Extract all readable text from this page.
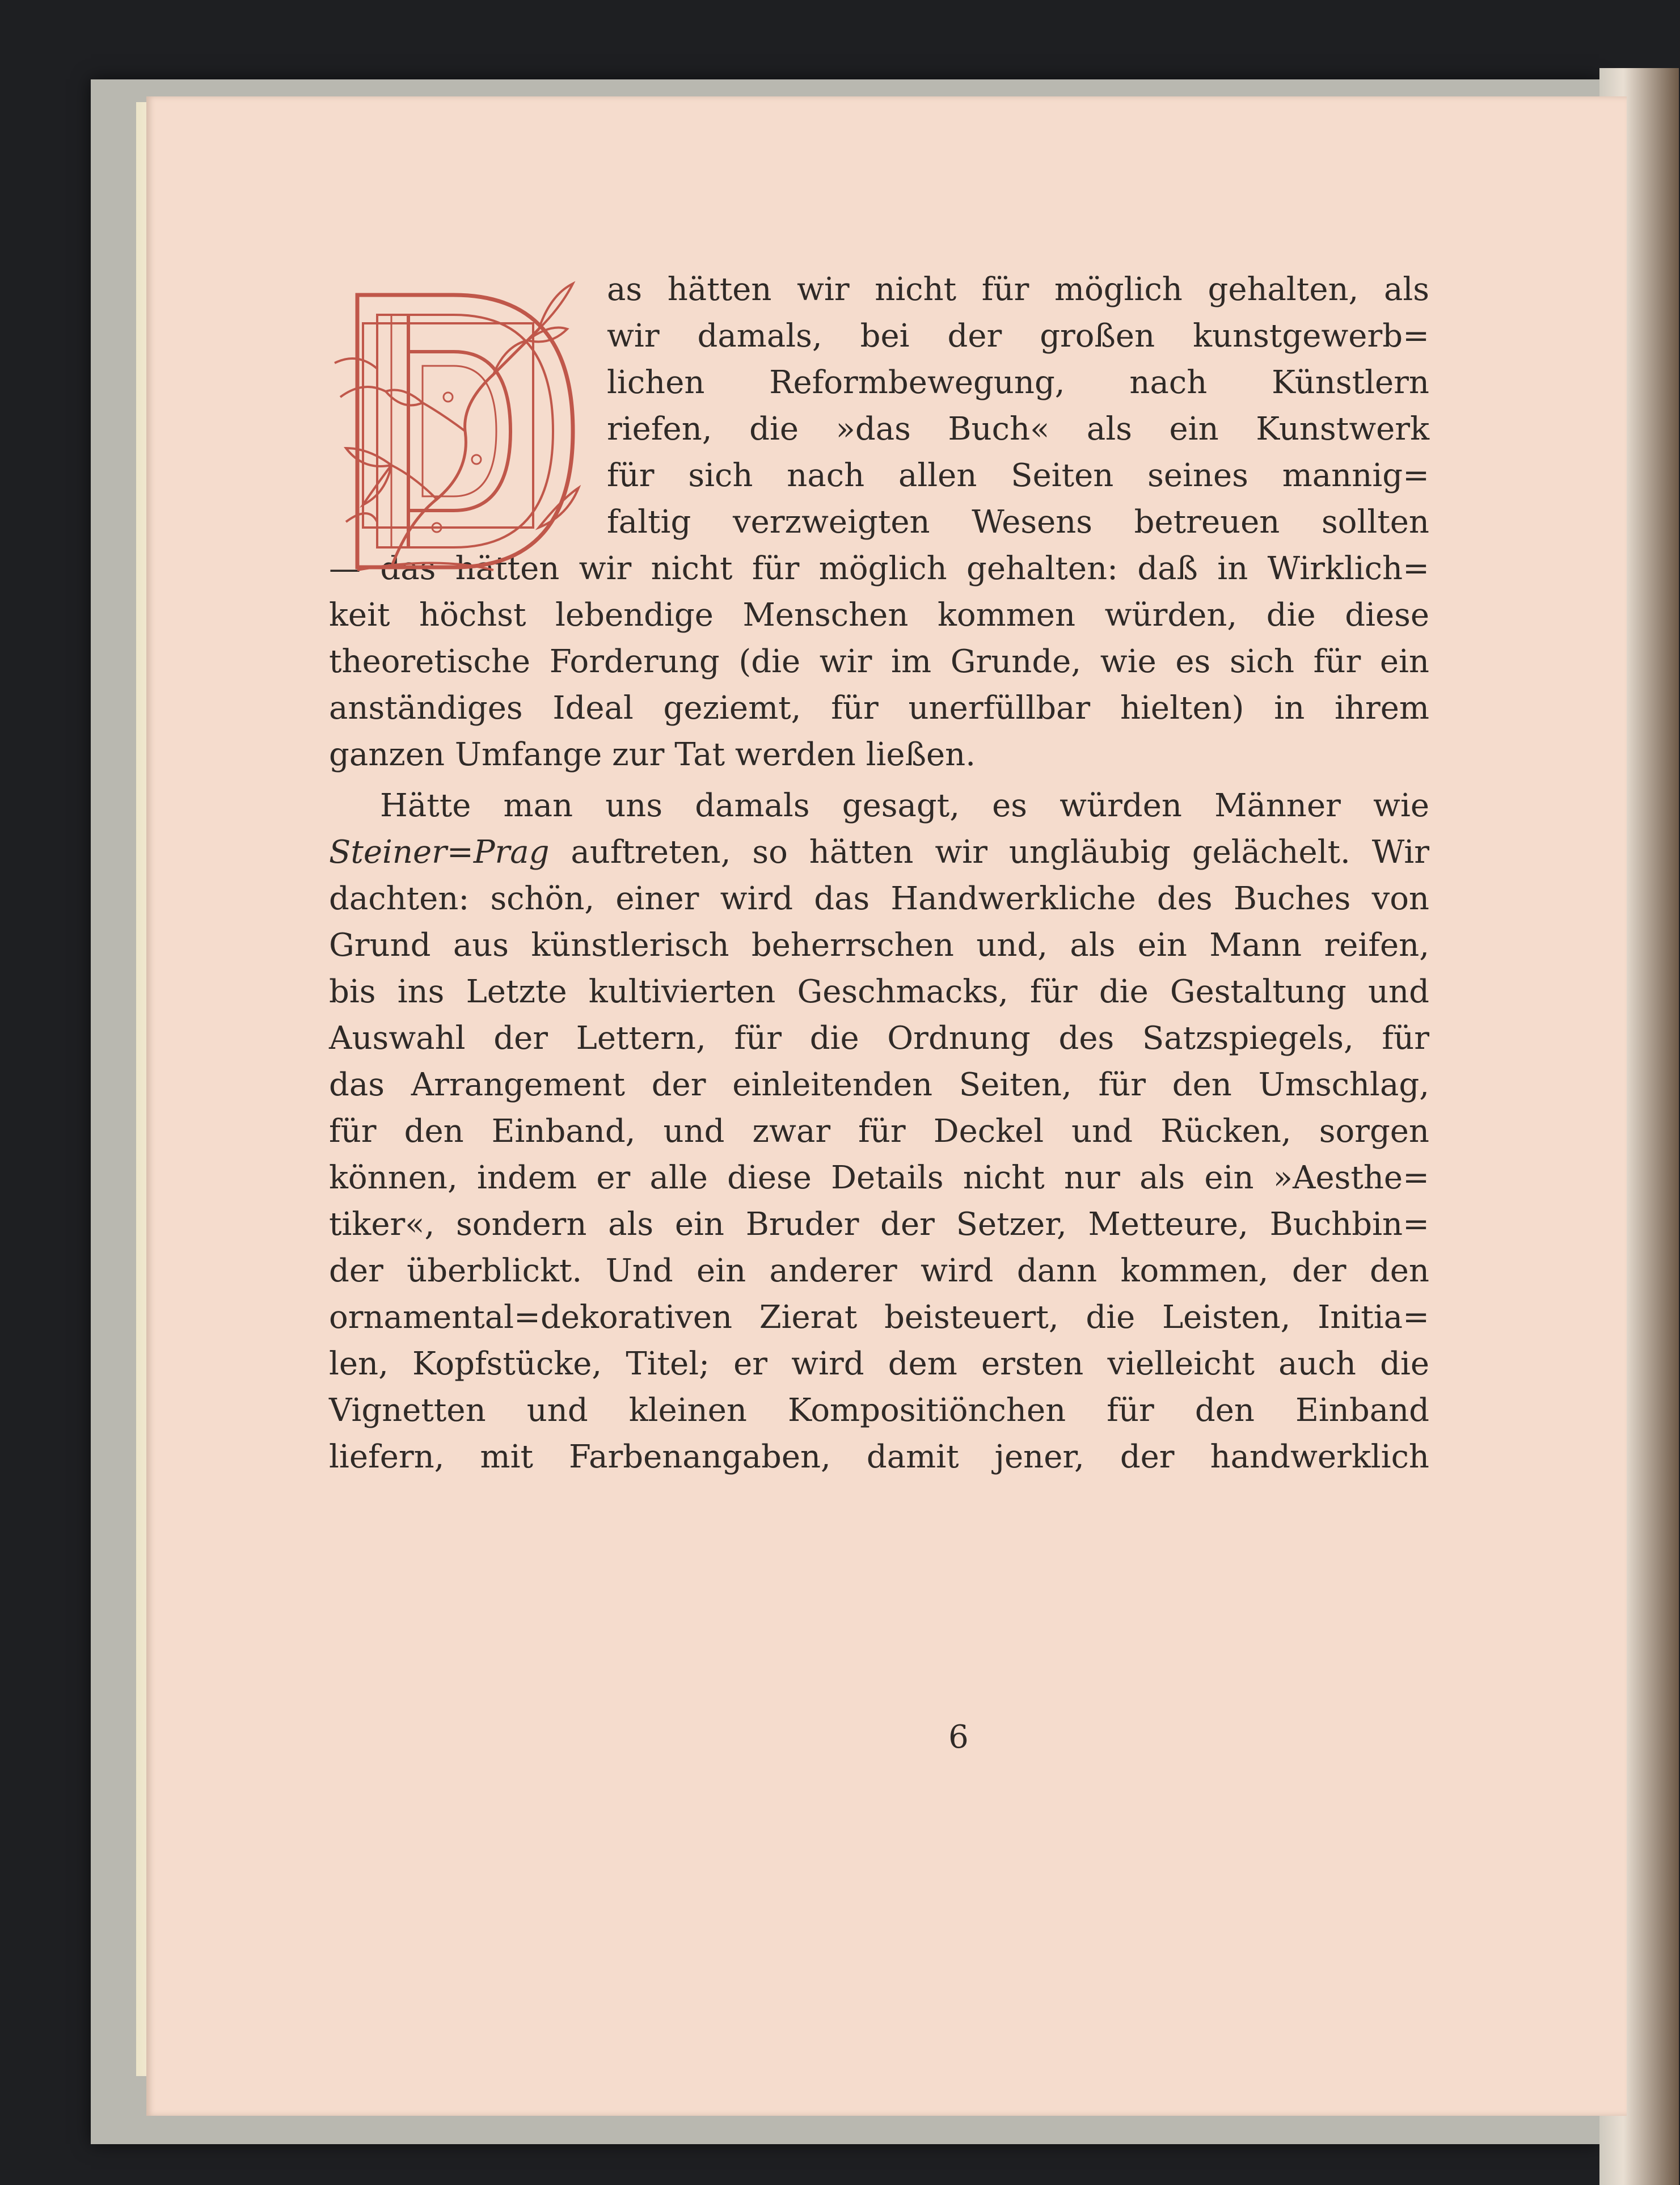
as hätten wir nicht für möglich gehalten, als
wir damals, bei der großen kunstgewerb=
lichen Reformbewegung, nach Künstlern
riefen, die »das Buch« als ein Kunstwerk
für sich nach allen Seiten seines mannig=
faltig verzweigten Wesens betreuen sollten
— das hätten wir nicht für möglich gehalten: daß in Wirklich=
keit höchst lebendige Menschen kommen würden, die diese
theoretische Forderung (die wir im Grunde, wie es sich für ein
anständiges Ideal geziemt, für unerfüllbar hielten) in ihrem
ganzen Umfange zur Tat werden ließen.
Hätte man uns damals gesagt, es würden Männer wie
Steiner=Prag auftreten, so hätten wir ungläubig gelächelt. Wir
dachten: schön, einer wird das Handwerkliche des Buches von
Grund aus künstlerisch beherrschen und, als ein Mann reifen,
bis ins Letzte kultivierten Geschmacks, für die Gestaltung und
Auswahl der Lettern, für die Ordnung des Satzspiegels, für
das Arrangement der einleitenden Seiten, für den Umschlag,
für den Einband, und zwar für Deckel und Rücken, sorgen
können, indem er alle diese Details nicht nur als ein »Aesthe=
tiker«, sondern als ein Bruder der Setzer, Metteure, Buchbin=
der überblickt. Und ein anderer wird dann kommen, der den
ornamental=dekorativen Zierat beisteuert, die Leisten, Initia=
len, Kopfstücke, Titel; er wird dem ersten vielleicht auch die
Vignetten und kleinen Kompositiönchen für den Einband
liefern, mit Farbenangaben, damit jener, der handwerklich
6
